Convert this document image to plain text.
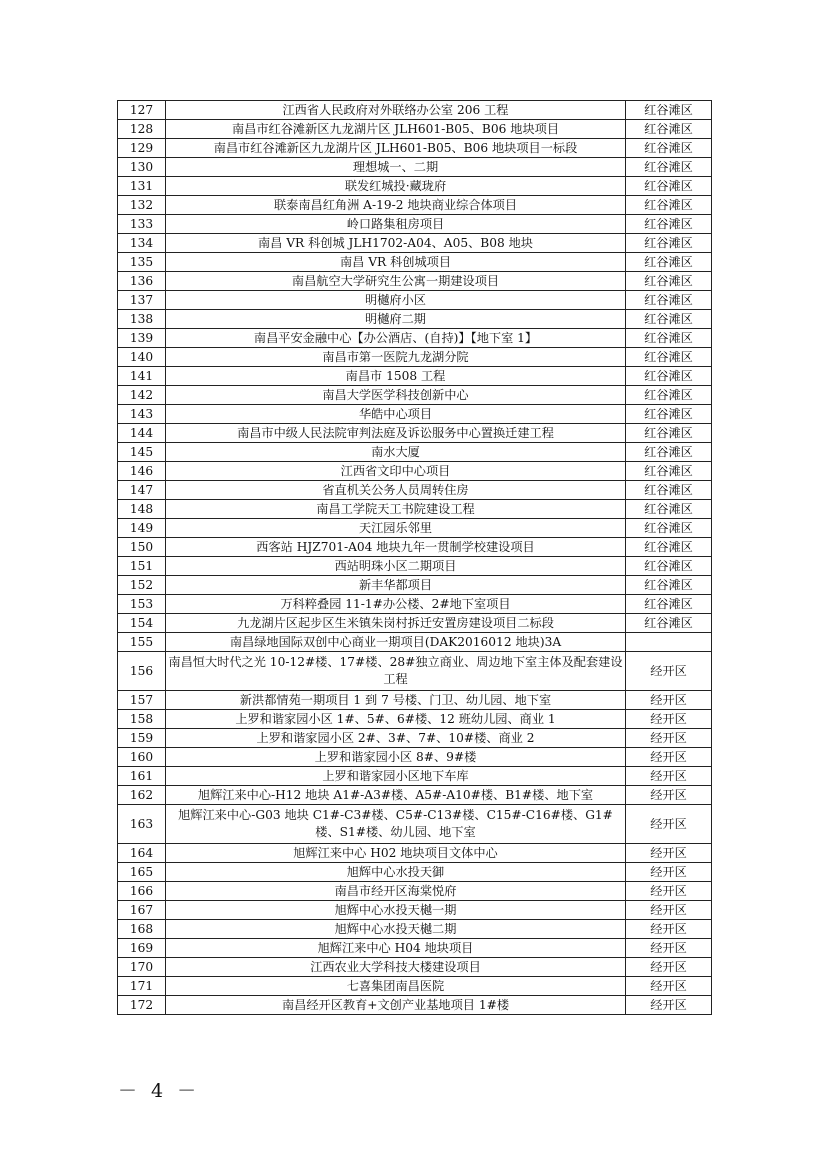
127	江西省人民政府对外联络办公室 206 工程	红谷滩区
128	南昌市红谷滩新区九龙湖片区 JLH601-B05、B06 地块项目	红谷滩区
129	南昌市红谷滩新区九龙湖片区 JLH601-B05、B06 地块项目一标段	红谷滩区
130	理想城一、二期	红谷滩区
131	联发红城投·藏珑府	红谷滩区
132	联泰南昌红角洲 A-19-2 地块商业综合体项目	红谷滩区
133	岭口路集租房项目	红谷滩区
134	南昌 VR 科创城 JLH1702-A04、A05、B08 地块	红谷滩区
135	南昌 VR 科创城项目	红谷滩区
136	南昌航空大学研究生公寓一期建设项目	红谷滩区
137	明樾府小区	红谷滩区
138	明樾府二期	红谷滩区
139	南昌平安金融中心【办公酒店、(自持)】【地下室 1】	红谷滩区
140	南昌市第一医院九龙湖分院	红谷滩区
141	南昌市 1508 工程	红谷滩区
142	南昌大学医学科技创新中心	红谷滩区
143	华皓中心项目	红谷滩区
144	南昌市中级人民法院审判法庭及诉讼服务中心置换迁建工程	红谷滩区
145	南水大厦	红谷滩区
146	江西省文印中心项目	红谷滩区
147	省直机关公务人员周转住房	红谷滩区
148	南昌工学院天工书院建设工程	红谷滩区
149	天江园乐邻里	红谷滩区
150	西客站 HJZ701-A04 地块九年一贯制学校建设项目	红谷滩区
151	西站明珠小区二期项目	红谷滩区
152	新丰华都项目	红谷滩区
153	万科粹叠园 11-1#办公楼、2#地下室项目	红谷滩区
154	九龙湖片区起步区生米镇朱岗村拆迁安置房建设项目二标段	红谷滩区
155	南昌绿地国际双创中心商业一期项目(DAK2016012 地块)3A	
156	南昌恒大时代之光 10-12#楼、17#楼、28#独立商业、周边地下室主体及配套建设工程	经开区
157	新洪都情苑一期项目 1 到 7 号楼、门卫、幼儿园、地下室	经开区
158	上罗和谐家园小区 1#、5#、6#楼、12 班幼儿园、商业 1	经开区
159	上罗和谐家园小区 2#、3#、7#、10#楼、商业 2	经开区
160	上罗和谐家园小区 8#、9#楼	经开区
161	上罗和谐家园小区地下车库	经开区
162	旭辉江来中心-H12 地块 A1#-A3#楼、A5#-A10#楼、B1#楼、地下室	经开区
163	旭辉江来中心-G03 地块 C1#-C3#楼、C5#-C13#楼、C15#-C16#楼、G1#楼、S1#楼、幼儿园、地下室	经开区
164	旭辉江来中心 H02 地块项目文体中心	经开区
165	旭辉中心水投天御	经开区
166	南昌市经开区海棠悦府	经开区
167	旭辉中心水投天樾一期	经开区
168	旭辉中心水投天樾二期	经开区
169	旭辉江来中心 H04 地块项目	经开区
170	江西农业大学科技大楼建设项目	经开区
171	七喜集团南昌医院	经开区
172	南昌经开区教育+文创产业基地项目 1#楼	经开区
－ 4 －
